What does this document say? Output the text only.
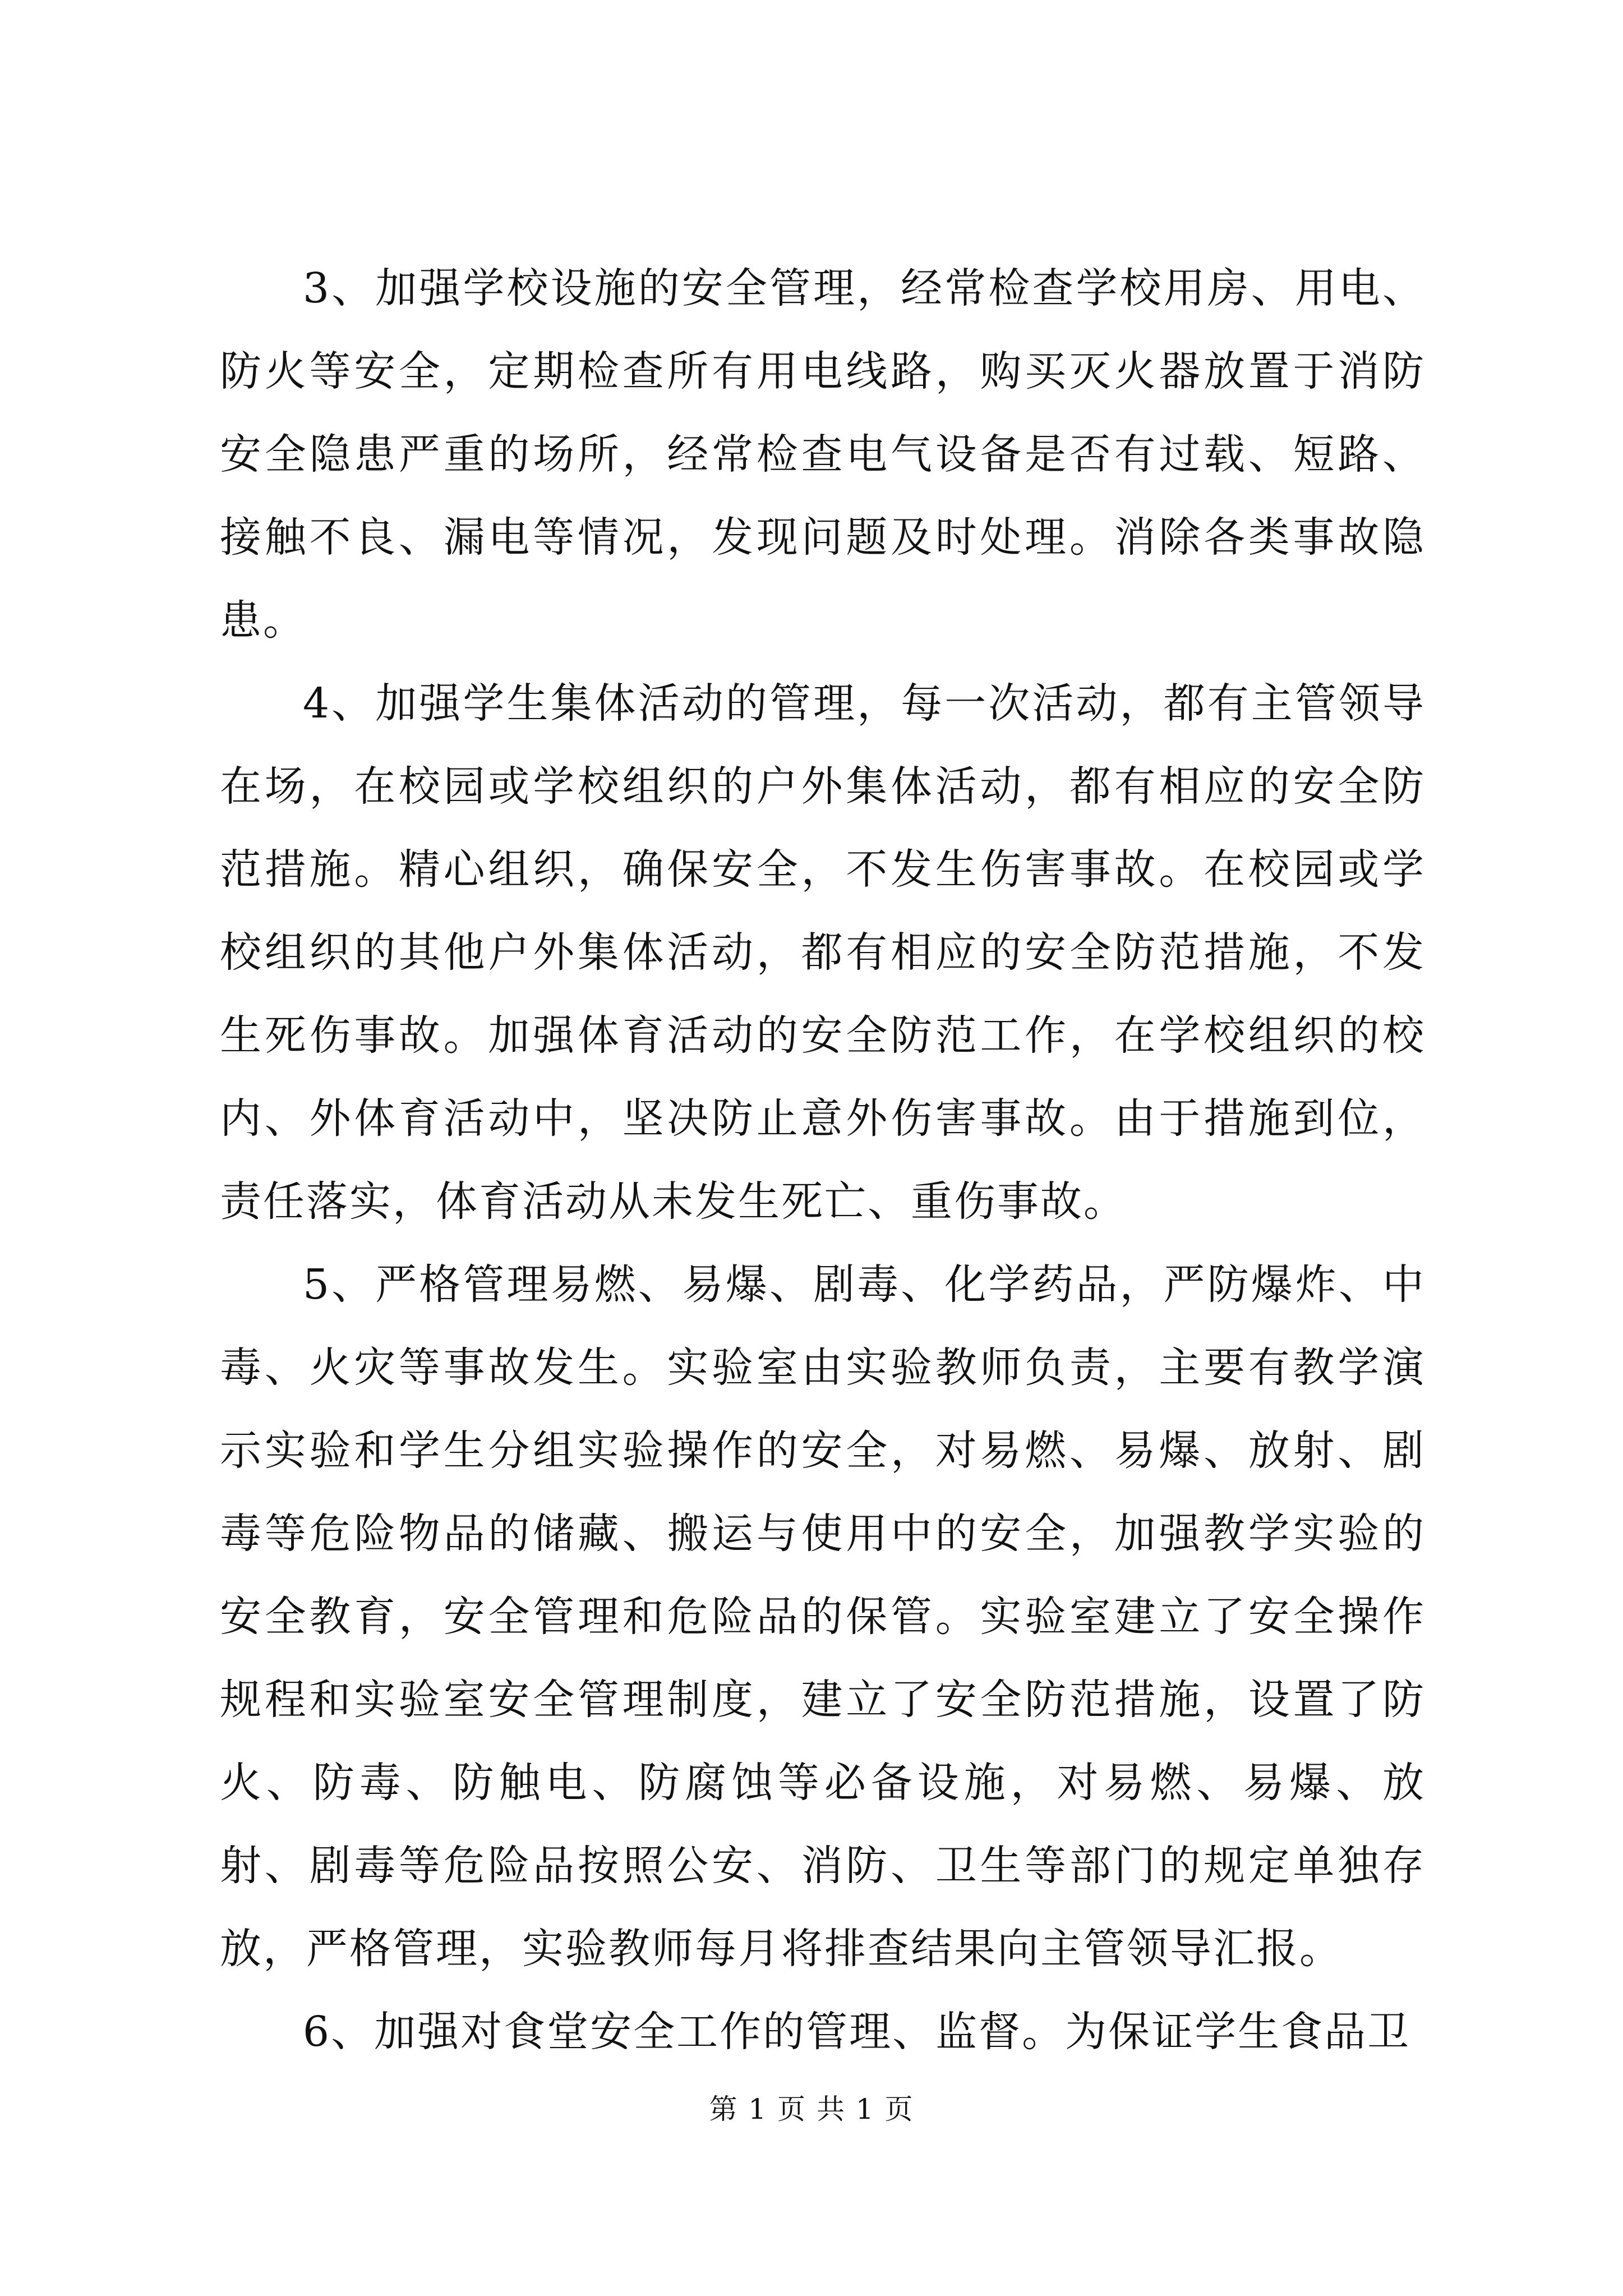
3、加强学校设施的安全管理，经常检查学校用房、用电、防火等安全，定期检查所有用电线路，购买灭火器放置于消防安全隐患严重的场所，经常检查电气设备是否有过载、短路、接触不良、漏电等情况，发现问题及时处理。消除各类事故隐患。

4、加强学生集体活动的管理，每一次活动，都有主管领导在场，在校园或学校组织的户外集体活动，都有相应的安全防范措施。精心组织，确保安全，不发生伤害事故。在校园或学校组织的其他户外集体活动，都有相应的安全防范措施，不发生死伤事故。加强体育活动的安全防范工作，在学校组织的校内、外体育活动中，坚决防止意外伤害事故。由于措施到位，责任落实，体育活动从未发生死亡、重伤事故。

5、严格管理易燃、易爆、剧毒、化学药品，严防爆炸、中毒、火灾等事故发生。实验室由实验教师负责，主要有教学演示实验和学生分组实验操作的安全，对易燃、易爆、放射、剧毒等危险物品的储藏、搬运与使用中的安全，加强教学实验的安全教育，安全管理和危险品的保管。实验室建立了安全操作规程和实验室安全管理制度，建立了安全防范措施，设置了防火、防毒、防触电、防腐蚀等必备设施，对易燃、易爆、放射、剧毒等危险品按照公安、消防、卫生等部门的规定单独存放，严格管理，实验教师每月将排查结果向主管领导汇报。

6、加强对食堂安全工作的管理、监督。为保证学生食品卫

第 1 页 共 1 页
